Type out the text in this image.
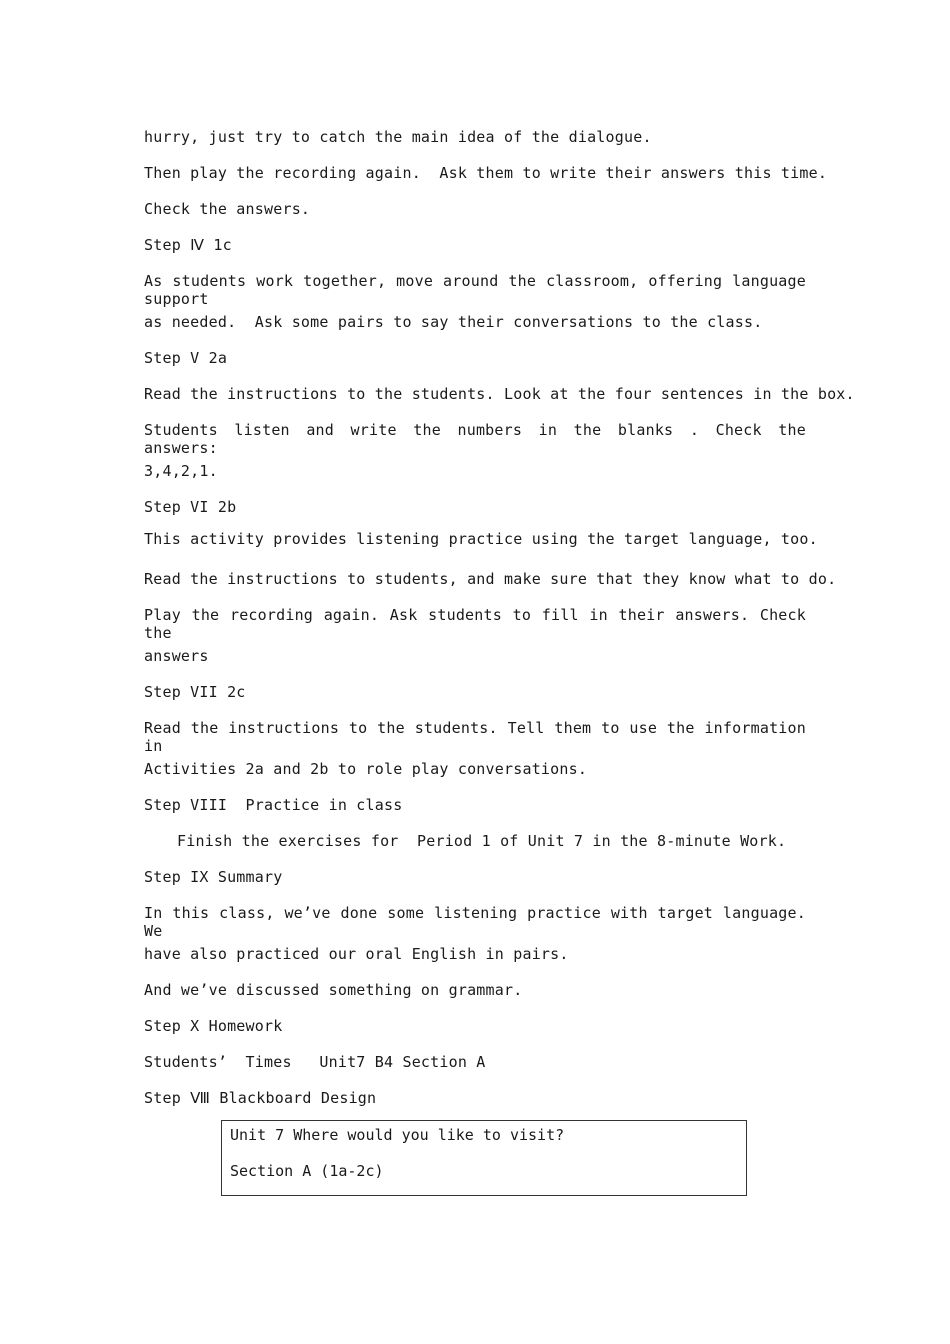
hurry, just try to catch the main idea of the dialogue.
Then play the recording again.  Ask them to write their answers this time.
Check the answers.
Step Ⅳ 1c
As students work together, move around the classroom, offering language support
as needed.  Ask some pairs to say their conversations to the class.
Step V 2a
Read the instructions to the students. Look at the four sentences in the box.
Students listen and write the numbers in the blanks . Check the answers:
3,4,2,1.
Step VI 2b
This activity provides listening practice using the target language, too.
Read the instructions to students, and make sure that they know what to do.
Play the recording again. Ask students to fill in their answers. Check the
answers
Step VII 2c
Read the instructions to the students. Tell them to use the information in
Activities 2a and 2b to role play conversations.
Step VIII  Practice in class
Finish the exercises for  Period 1 of Unit 7 in the 8-minute Work.
Step IX Summary
In this class, we’ve done some listening practice with target language. We
have also practiced our oral English in pairs.
And we’ve discussed something on grammar.
Step X Homework
Students’  Times   Unit7 B4 Section A
Step Ⅷ Blackboard Design
Unit 7 Where would you like to visit?
Section A (1a-2c)
